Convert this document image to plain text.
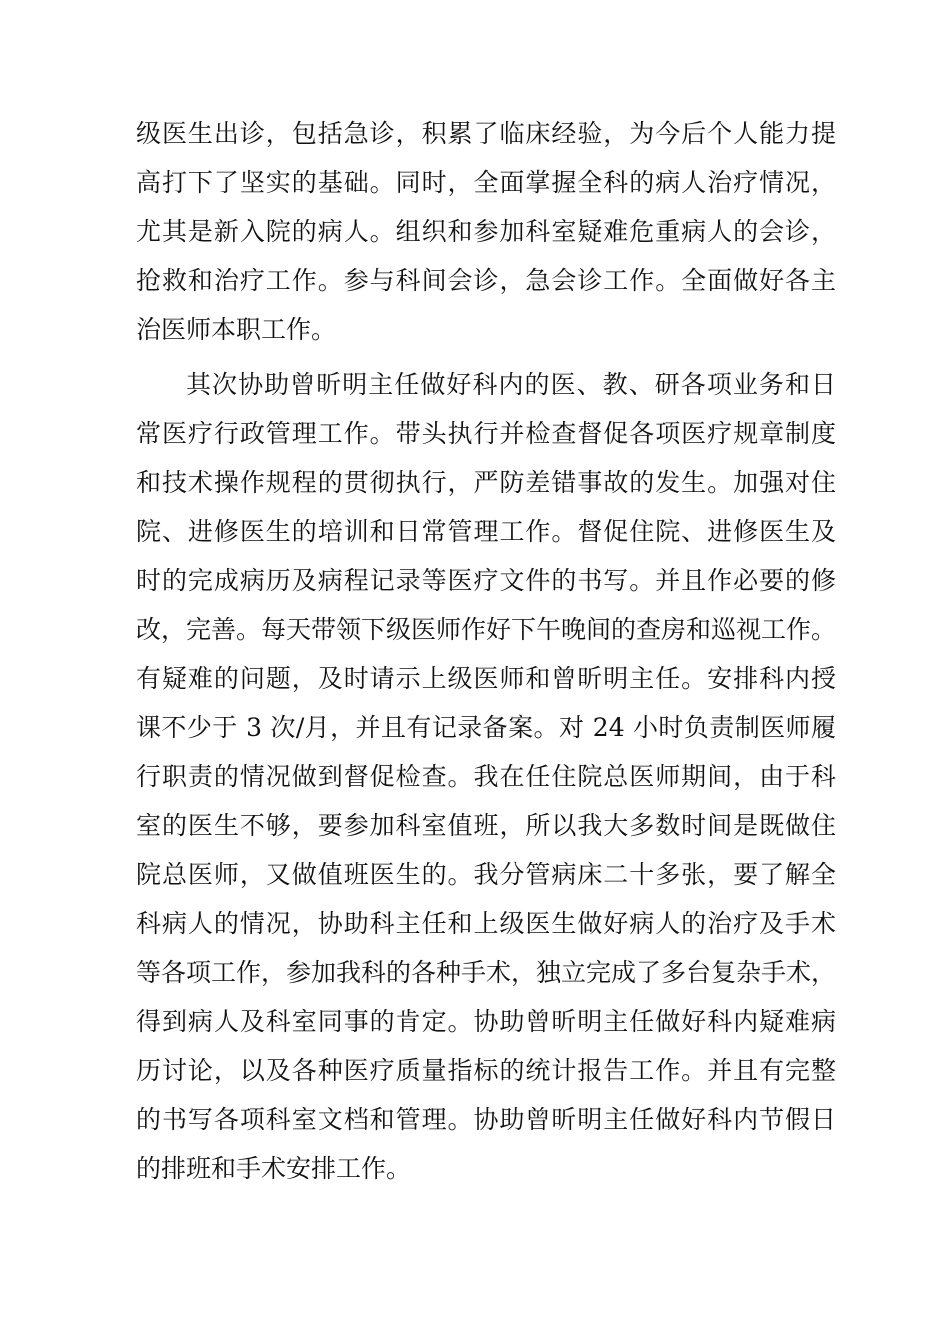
级医生出诊，包括急诊，积累了临床经验，为今后个人能力提
高打下了坚实的基础。同时，全面掌握全科的病人治疗情况，
尤其是新入院的病人。组织和参加科室疑难危重病人的会诊，
抢救和治疗工作。参与科间会诊，急会诊工作。全面做好各主
治医师本职工作。
其次协助曾昕明主任做好科内的医、教、研各项业务和日
常医疗行政管理工作。带头执行并检查督促各项医疗规章制度
和技术操作规程的贯彻执行，严防差错事故的发生。加强对住
院、进修医生的培训和日常管理工作。督促住院、进修医生及
时的完成病历及病程记录等医疗文件的书写。并且作必要的修
改，完善。每天带领下级医师作好下午晚间的查房和巡视工作。
有疑难的问题，及时请示上级医师和曾昕明主任。安排科内授
课不少于 3 次/月，并且有记录备案。对 24 小时负责制医师履
行职责的情况做到督促检查。我在任住院总医师期间，由于科
室的医生不够，要参加科室值班，所以我大多数时间是既做住
院总医师，又做值班医生的。我分管病床二十多张，要了解全
科病人的情况，协助科主任和上级医生做好病人的治疗及手术
等各项工作，参加我科的各种手术，独立完成了多台复杂手术，
得到病人及科室同事的肯定。协助曾昕明主任做好科内疑难病
历讨论，以及各种医疗质量指标的统计报告工作。并且有完整
的书写各项科室文档和管理。协助曾昕明主任做好科内节假日
的排班和手术安排工作。
